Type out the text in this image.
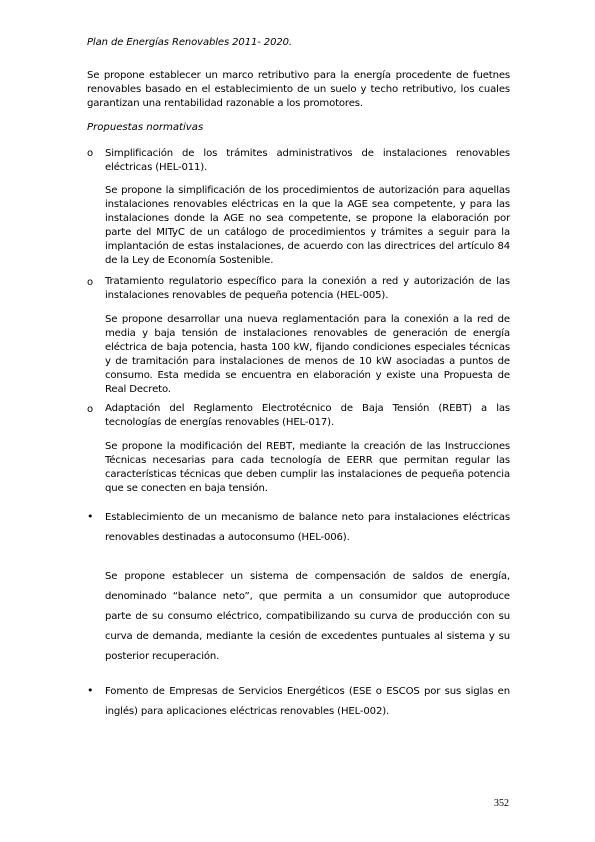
Plan de Energías Renovables 2011- 2020.
Se propone establecer un marco retributivo para la energía procedente de fuetnes renovables basado en el establecimiento de un suelo y techo retributivo, los cuales garantizan una rentabilidad razonable a los promotores.
Propuestas normativas
o Simplificación de los trámites administrativos de instalaciones renovables eléctricas (HEL-011).
Se propone la simplificación de los procedimientos de autorización para aquellas instalaciones renovables eléctricas en la que la AGE sea competente, y para las instalaciones donde la AGE no sea competente, se propone la elaboración por parte del MITyC de un catálogo de procedimientos y trámites a seguir para la implantación de estas instalaciones, de acuerdo con las directrices del artículo 84 de la Ley de Economía Sostenible.
o Tratamiento regulatorio específico para la conexión a red y autorización de las instalaciones renovables de pequeña potencia (HEL-005).
Se propone desarrollar una nueva reglamentación para la conexión a la red de media y baja tensión de instalaciones renovables de generación de energía eléctrica de baja potencia, hasta 100 kW, fijando condiciones especiales técnicas y de tramitación para instalaciones de menos de 10 kW asociadas a puntos de consumo. Esta medida se encuentra en elaboración y existe una Propuesta de Real Decreto.
o Adaptación del Reglamento Electrotécnico de Baja Tensión (REBT) a las tecnologías de energías renovables (HEL-017).
Se propone la modificación del REBT, mediante la creación de las Instrucciones Técnicas necesarias para cada tecnología de EERR que permitan regular las características técnicas que deben cumplir las instalaciones de pequeña potencia que se conecten en baja tensión.
• Establecimiento de un mecanismo de balance neto para instalaciones eléctricas renovables destinadas a autoconsumo (HEL-006).
Se propone establecer un sistema de compensación de saldos de energía, denominado “balance neto”, que permita a un consumidor que autoproduce parte de su consumo eléctrico, compatibilizando su curva de producción con su curva de demanda, mediante la cesión de excedentes puntuales al sistema y su posterior recuperación.
• Fomento de Empresas de Servicios Energéticos (ESE o ESCOS por sus siglas en inglés) para aplicaciones eléctricas renovables (HEL-002).
352
